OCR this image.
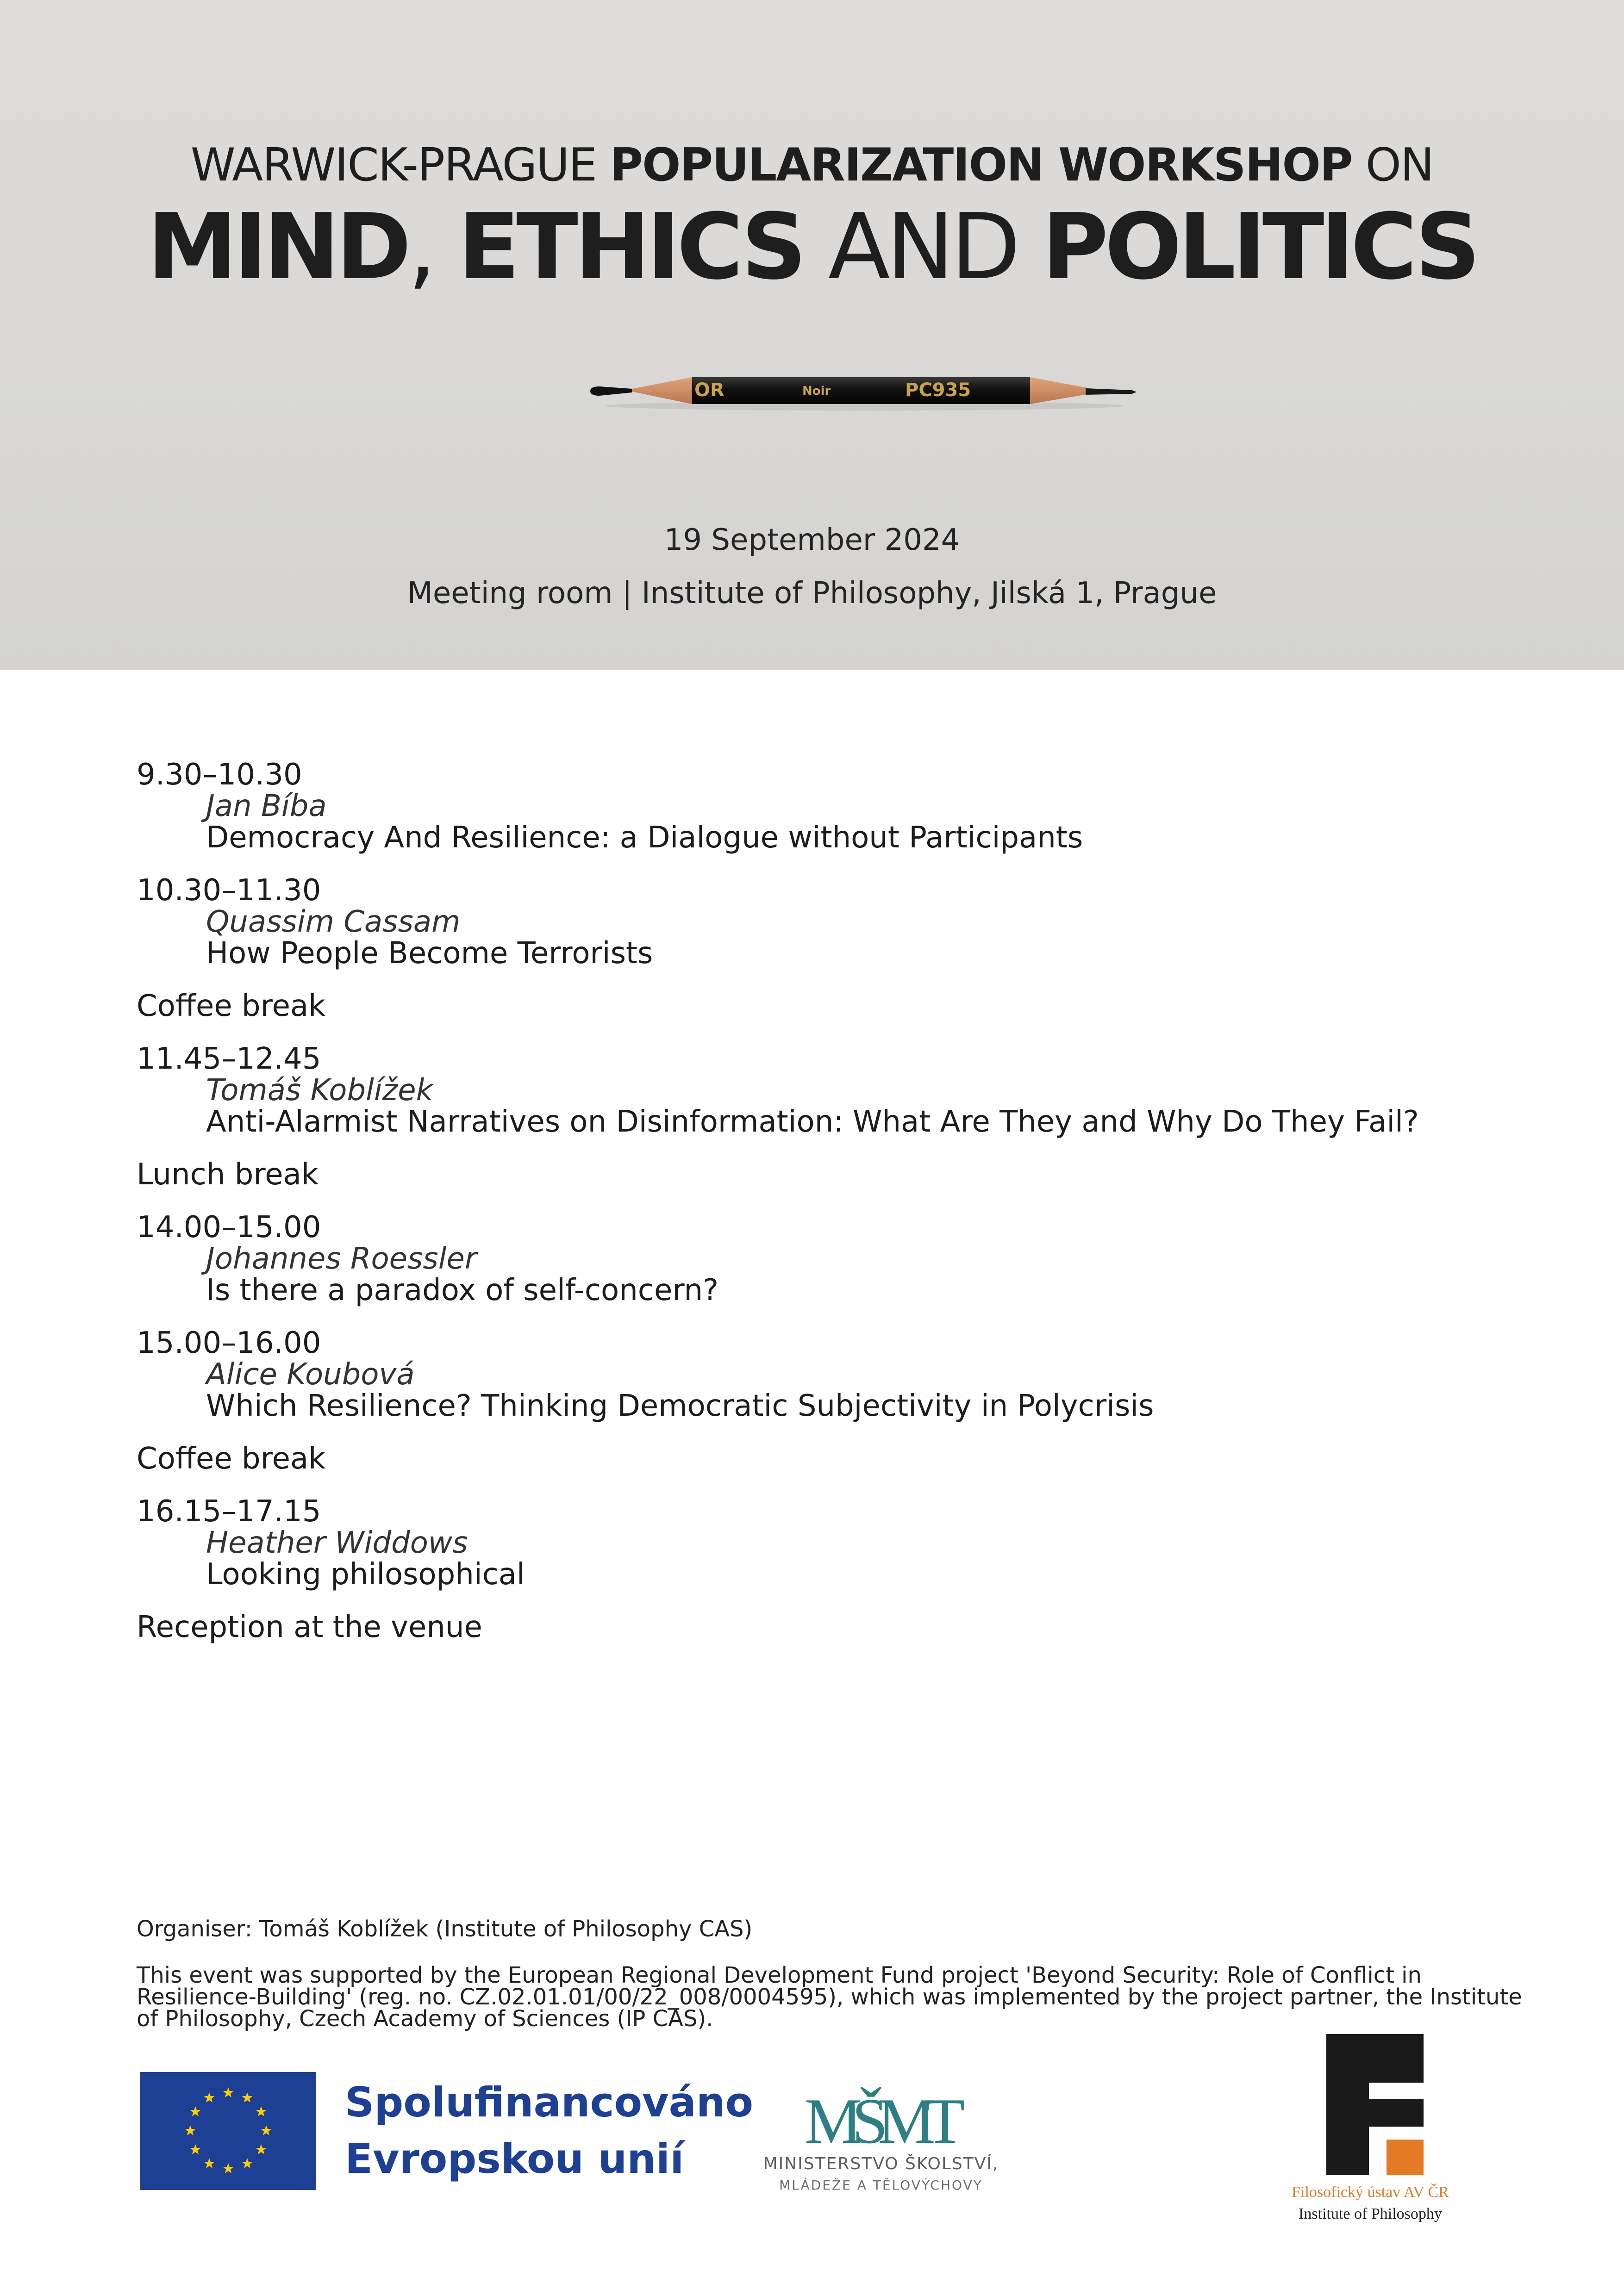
WARWICK-PRAGUE POPULARIZATION WORKSHOP ON
MIND, ETHICS AND POLITICS
OR	Noir	PC935
19 September 2024
Meeting room | Institute of Philosophy, Jilská 1, Prague
9.30–10.30
Jan Bíba
Democracy And Resilience: a Dialogue without Participants
10.30–11.30
Quassim Cassam
How People Become Terrorists
Coffee break
11.45–12.45
Tomáš Koblížek
Anti-Alarmist Narratives on Disinformation: What Are They and Why Do They Fail?
Lunch break
14.00–15.00
Johannes Roessler
Is there a paradox of self-concern?
15.00–16.00
Alice Koubová
Which Resilience? Thinking Democratic Subjectivity in Polycrisis
Coffee break
16.15–17.15
Heather Widdows
Looking philosophical
Reception at the venue
Organiser: Tomáš Koblížek (Institute of Philosophy CAS)
This event was supported by the European Regional Development Fund project 'Beyond Security: Role of Conflict in
Resilience-Building' (reg. no. CZ.02.01.01/00/22_008/0004595), which was implemented by the project partner, the Institute
of Philosophy, Czech Academy of Sciences (IP CAS).
Spolufinancováno
Evropskou unií
MŠMT
MINISTERSTVO ŠKOLSTVÍ,
MLÁDEŽE A TĚLOVÝCHOVY	Filosofický ústav AV ČR
Institute of Philosophy
